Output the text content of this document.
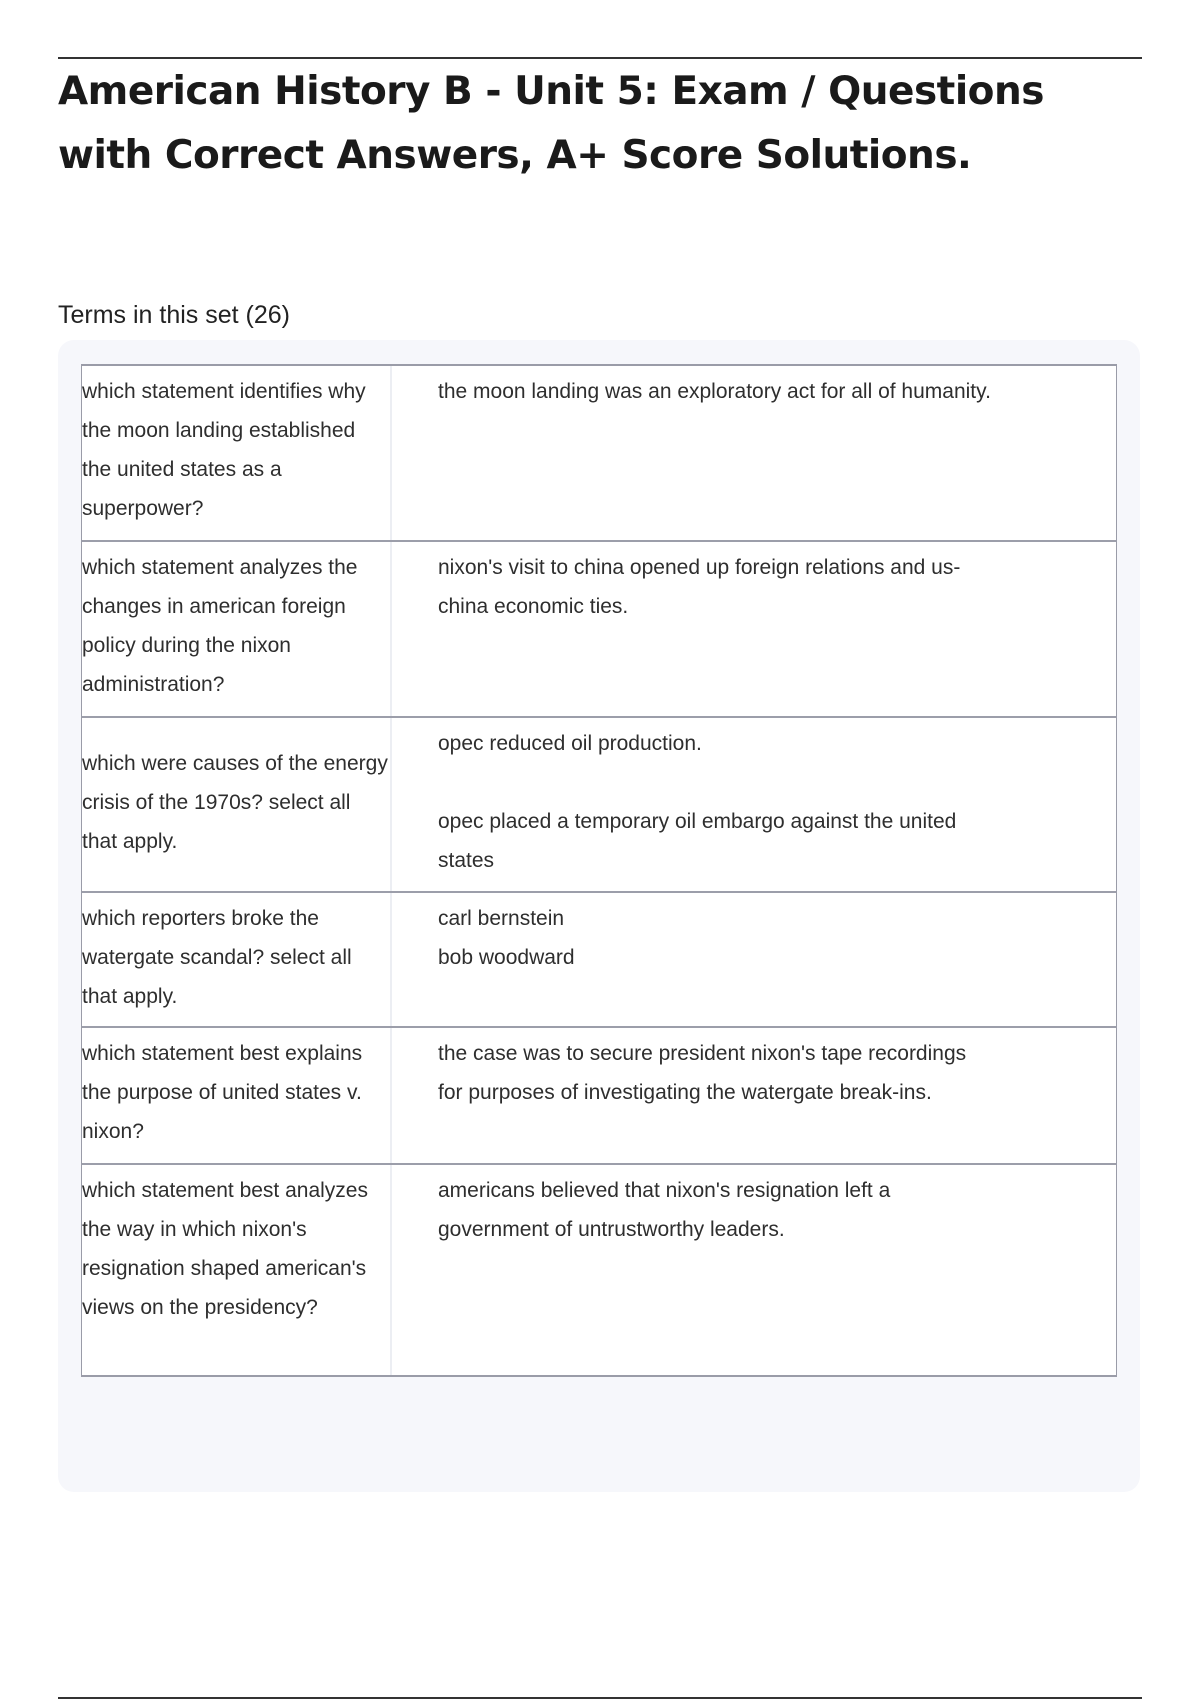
American History B - Unit 5: Exam / Questions with Correct Answers, A+ Score Solutions.
Terms in this set (26)
which statement identifies why the moon landing established the united states as a superpower?
the moon landing was an exploratory act for all of humanity.
which statement analyzes the changes in american foreign policy during the nixon administration?
nixon's visit to china opened up foreign relations and us-china economic ties.
which were causes of the energy crisis of the 1970s? select all that apply.
opec reduced oil production.
opec placed a temporary oil embargo against the united states
which reporters broke the watergate scandal? select all that apply.
carl bernstein
bob woodward
which statement best explains the purpose of united states v. nixon?
the case was to secure president nixon's tape recordings for purposes of investigating the watergate break-ins.
which statement best analyzes the way in which nixon's resignation shaped american's views on the presidency?
americans believed that nixon's resignation left a government of untrustworthy leaders.
